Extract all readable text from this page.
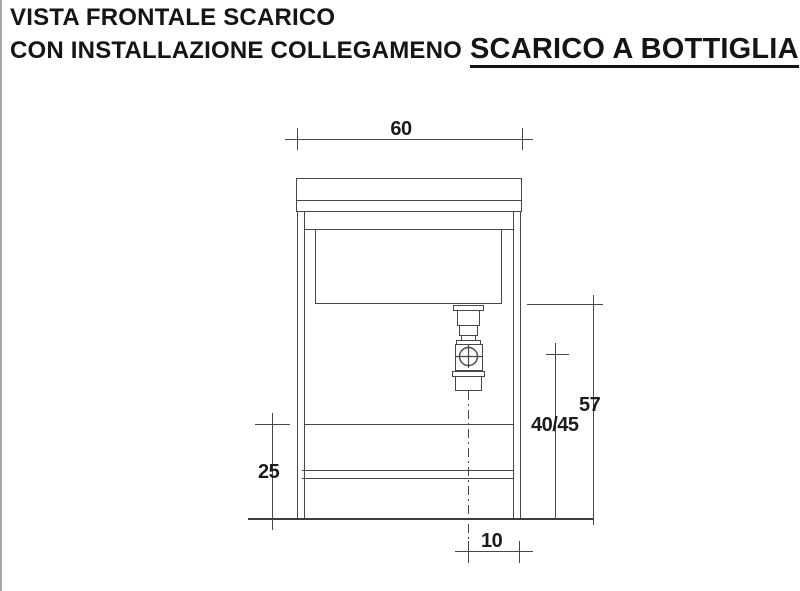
VISTA FRONTALE SCARICO
CON INSTALLAZIONE COLLEGAMENO SCARICO A BOTTIGLIA
60
25
40/45
57
10
